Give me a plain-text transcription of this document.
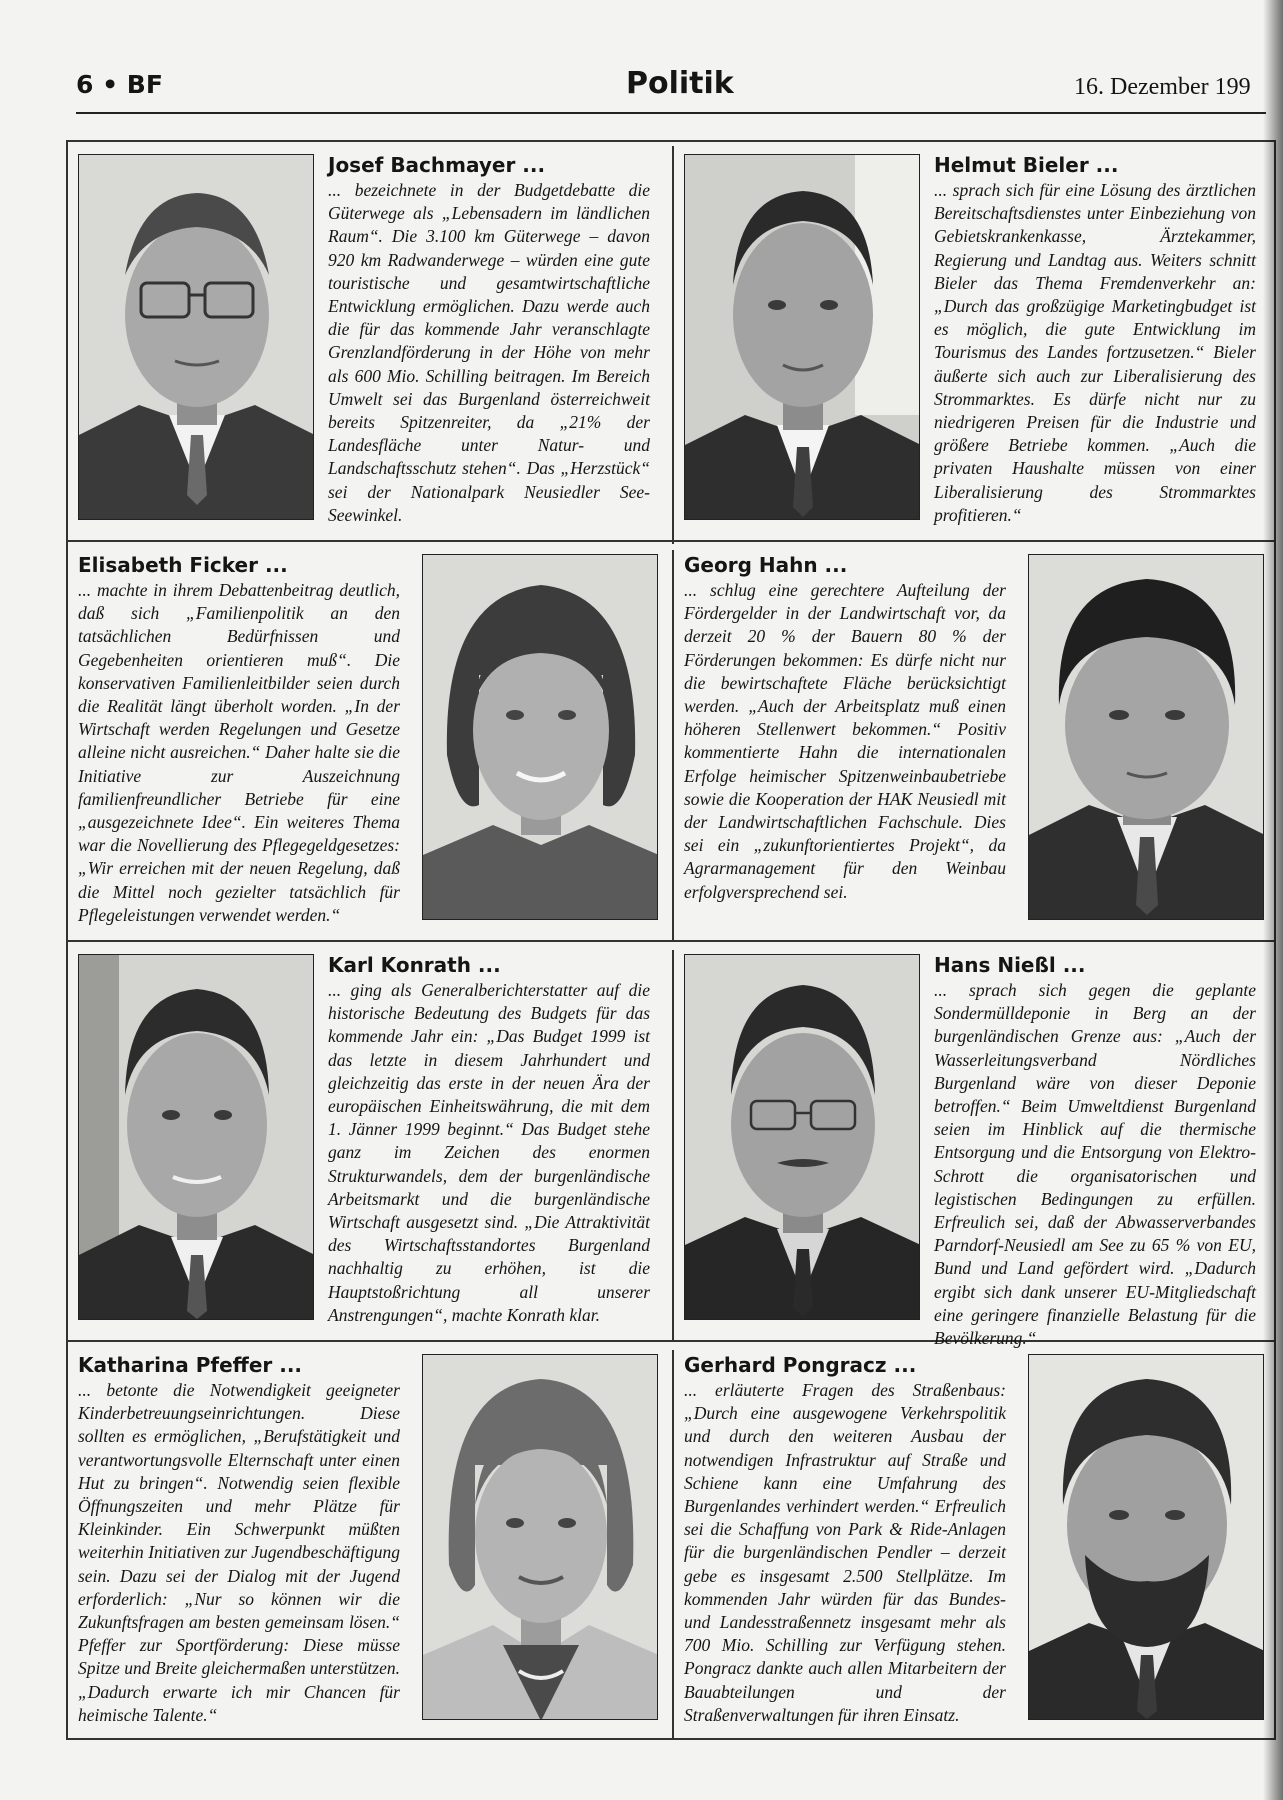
6 • BF	Politik	16. Dezember 199
Josef Bachmayer ...

... bezeichnete in der Budgetdebatte die Güterwege als „Lebensadern im ländlichen Raum“. Die 3.100 km Güterwege – davon 920 km Radwanderwege – würden eine gute touristische und gesamtwirtschaftliche Entwicklung ermöglichen. Dazu werde auch die für das kommende Jahr veranschlagte Grenzlandförderung in der Höhe von mehr als 600 Mio. Schilling beitragen. Im Bereich Umwelt sei das Burgenland österreichweit bereits Spitzenreiter, da „21% der Landesfläche unter Natur- und Landschaftsschutz stehen“. Das „Herzstück“ sei der Nationalpark Neusiedler See-Seewinkel.

Helmut Bieler ...

... sprach sich für eine Lösung des ärztlichen Bereitschaftsdienstes unter Einbeziehung von Gebietskrankenkasse, Ärztekammer, Regierung und Landtag aus. Weiters schnitt Bieler das Thema Fremdenverkehr an: „Durch das großzügige Marketingbudget ist es möglich, die gute Entwicklung im Tourismus des Landes fortzusetzen.“ Bieler äußerte sich auch zur Liberalisierung des Strommarktes. Es dürfe nicht nur zu niedrigeren Preisen für die Industrie und größere Betriebe kommen. „Auch die privaten Haushalte müssen von einer Liberalisierung des Strommarktes profitieren.“

Elisabeth Ficker ...

... machte in ihrem Debattenbeitrag deutlich, daß sich „Familienpolitik an den tatsächlichen Bedürfnissen und Gegebenheiten orientieren muß“. Die konservativen Familienleitbilder seien durch die Realität längt überholt worden. „In der Wirtschaft werden Regelungen und Gesetze alleine nicht ausreichen.“ Daher halte sie die Initiative zur Auszeichnung familienfreundlicher Betriebe für eine „ausgezeichnete Idee“. Ein weiteres Thema war die Novellierung des Pflegegeldgesetzes: „Wir erreichen mit der neuen Regelung, daß die Mittel noch gezielter tatsächlich für Pflegeleistungen verwendet werden.“

Georg Hahn ...

... schlug eine gerechtere Aufteilung der Fördergelder in der Landwirtschaft vor, da derzeit 20 % der Bauern 80 % der Förderungen bekommen: Es dürfe nicht nur die bewirtschaftete Fläche berücksichtigt werden. „Auch der Arbeitsplatz muß einen höheren Stellenwert bekommen.“ Positiv kommentierte Hahn die internationalen Erfolge heimischer Spitzenweinbaubetriebe sowie die Kooperation der HAK Neusiedl mit der Landwirtschaftlichen Fachschule. Dies sei ein „zukunftorientiertes Projekt“, da Agrarmanagement für den Weinbau erfolgversprechend sei.

Karl Konrath ...

... ging als Generalberichterstatter auf die historische Bedeutung des Budgets für das kommende Jahr ein: „Das Budget 1999 ist das letzte in diesem Jahrhundert und gleichzeitig das erste in der neuen Ära der europäischen Einheitswährung, die mit dem 1. Jänner 1999 beginnt.“ Das Budget stehe ganz im Zeichen des enormen Strukturwandels, dem der burgenländische Arbeitsmarkt und die burgenländische Wirtschaft ausgesetzt sind. „Die Attraktivität des Wirtschaftsstandortes Burgenland nachhaltig zu erhöhen, ist die Hauptstoßrichtung all unserer Anstrengungen“, machte Konrath klar.

Hans Nießl ...

... sprach sich gegen die geplante Sondermülldeponie in Berg an der burgenländischen Grenze aus: „Auch der Wasserleitungsverband Nördliches Burgenland wäre von dieser Deponie betroffen.“ Beim Umweltdienst Burgenland seien im Hinblick auf die thermische Entsorgung und die Entsorgung von Elektro-Schrott die organisatorischen und legistischen Bedingungen zu erfüllen. Erfreulich sei, daß der Abwasserverbandes Parndorf-Neusiedl am See zu 65 % von EU, Bund und Land gefördert wird. „Dadurch ergibt sich dank unserer EU-Mitgliedschaft eine geringere finanzielle Belastung für die Bevölkerung.“

Katharina Pfeffer ...

... betonte die Notwendigkeit geeigneter Kinderbetreuungseinrichtungen. Diese sollten es ermöglichen, „Berufstätigkeit und verantwortungsvolle Elternschaft unter einen Hut zu bringen“. Notwendig seien flexible Öffnungszeiten und mehr Plätze für Kleinkinder. Ein Schwerpunkt müßten weiterhin Initiativen zur Jugendbeschäftigung sein. Dazu sei der Dialog mit der Jugend erforderlich: „Nur so können wir die Zukunftsfragen am besten gemeinsam lösen.“ Pfeffer zur Sportförderung: Diese müsse Spitze und Breite gleichermaßen unterstützen. „Dadurch erwarte ich mir Chancen für heimische Talente.“

Gerhard Pongracz ...

... erläuterte Fragen des Straßenbaus: „Durch eine ausgewogene Verkehrspolitik und durch den weiteren Ausbau der notwendigen Infrastruktur auf Straße und Schiene kann eine Umfahrung des Burgenlandes verhindert werden.“ Erfreulich sei die Schaffung von Park & Ride-Anlagen für die burgenländischen Pendler – derzeit gebe es insgesamt 2.500 Stellplätze. Im kommenden Jahr würden für das Bundes- und Landesstraßennetz insgesamt mehr als 700 Mio. Schilling zur Verfügung stehen. Pongracz dankte auch allen Mitarbeitern der Bauabteilungen und der Straßenverwaltungen für ihren Einsatz.
